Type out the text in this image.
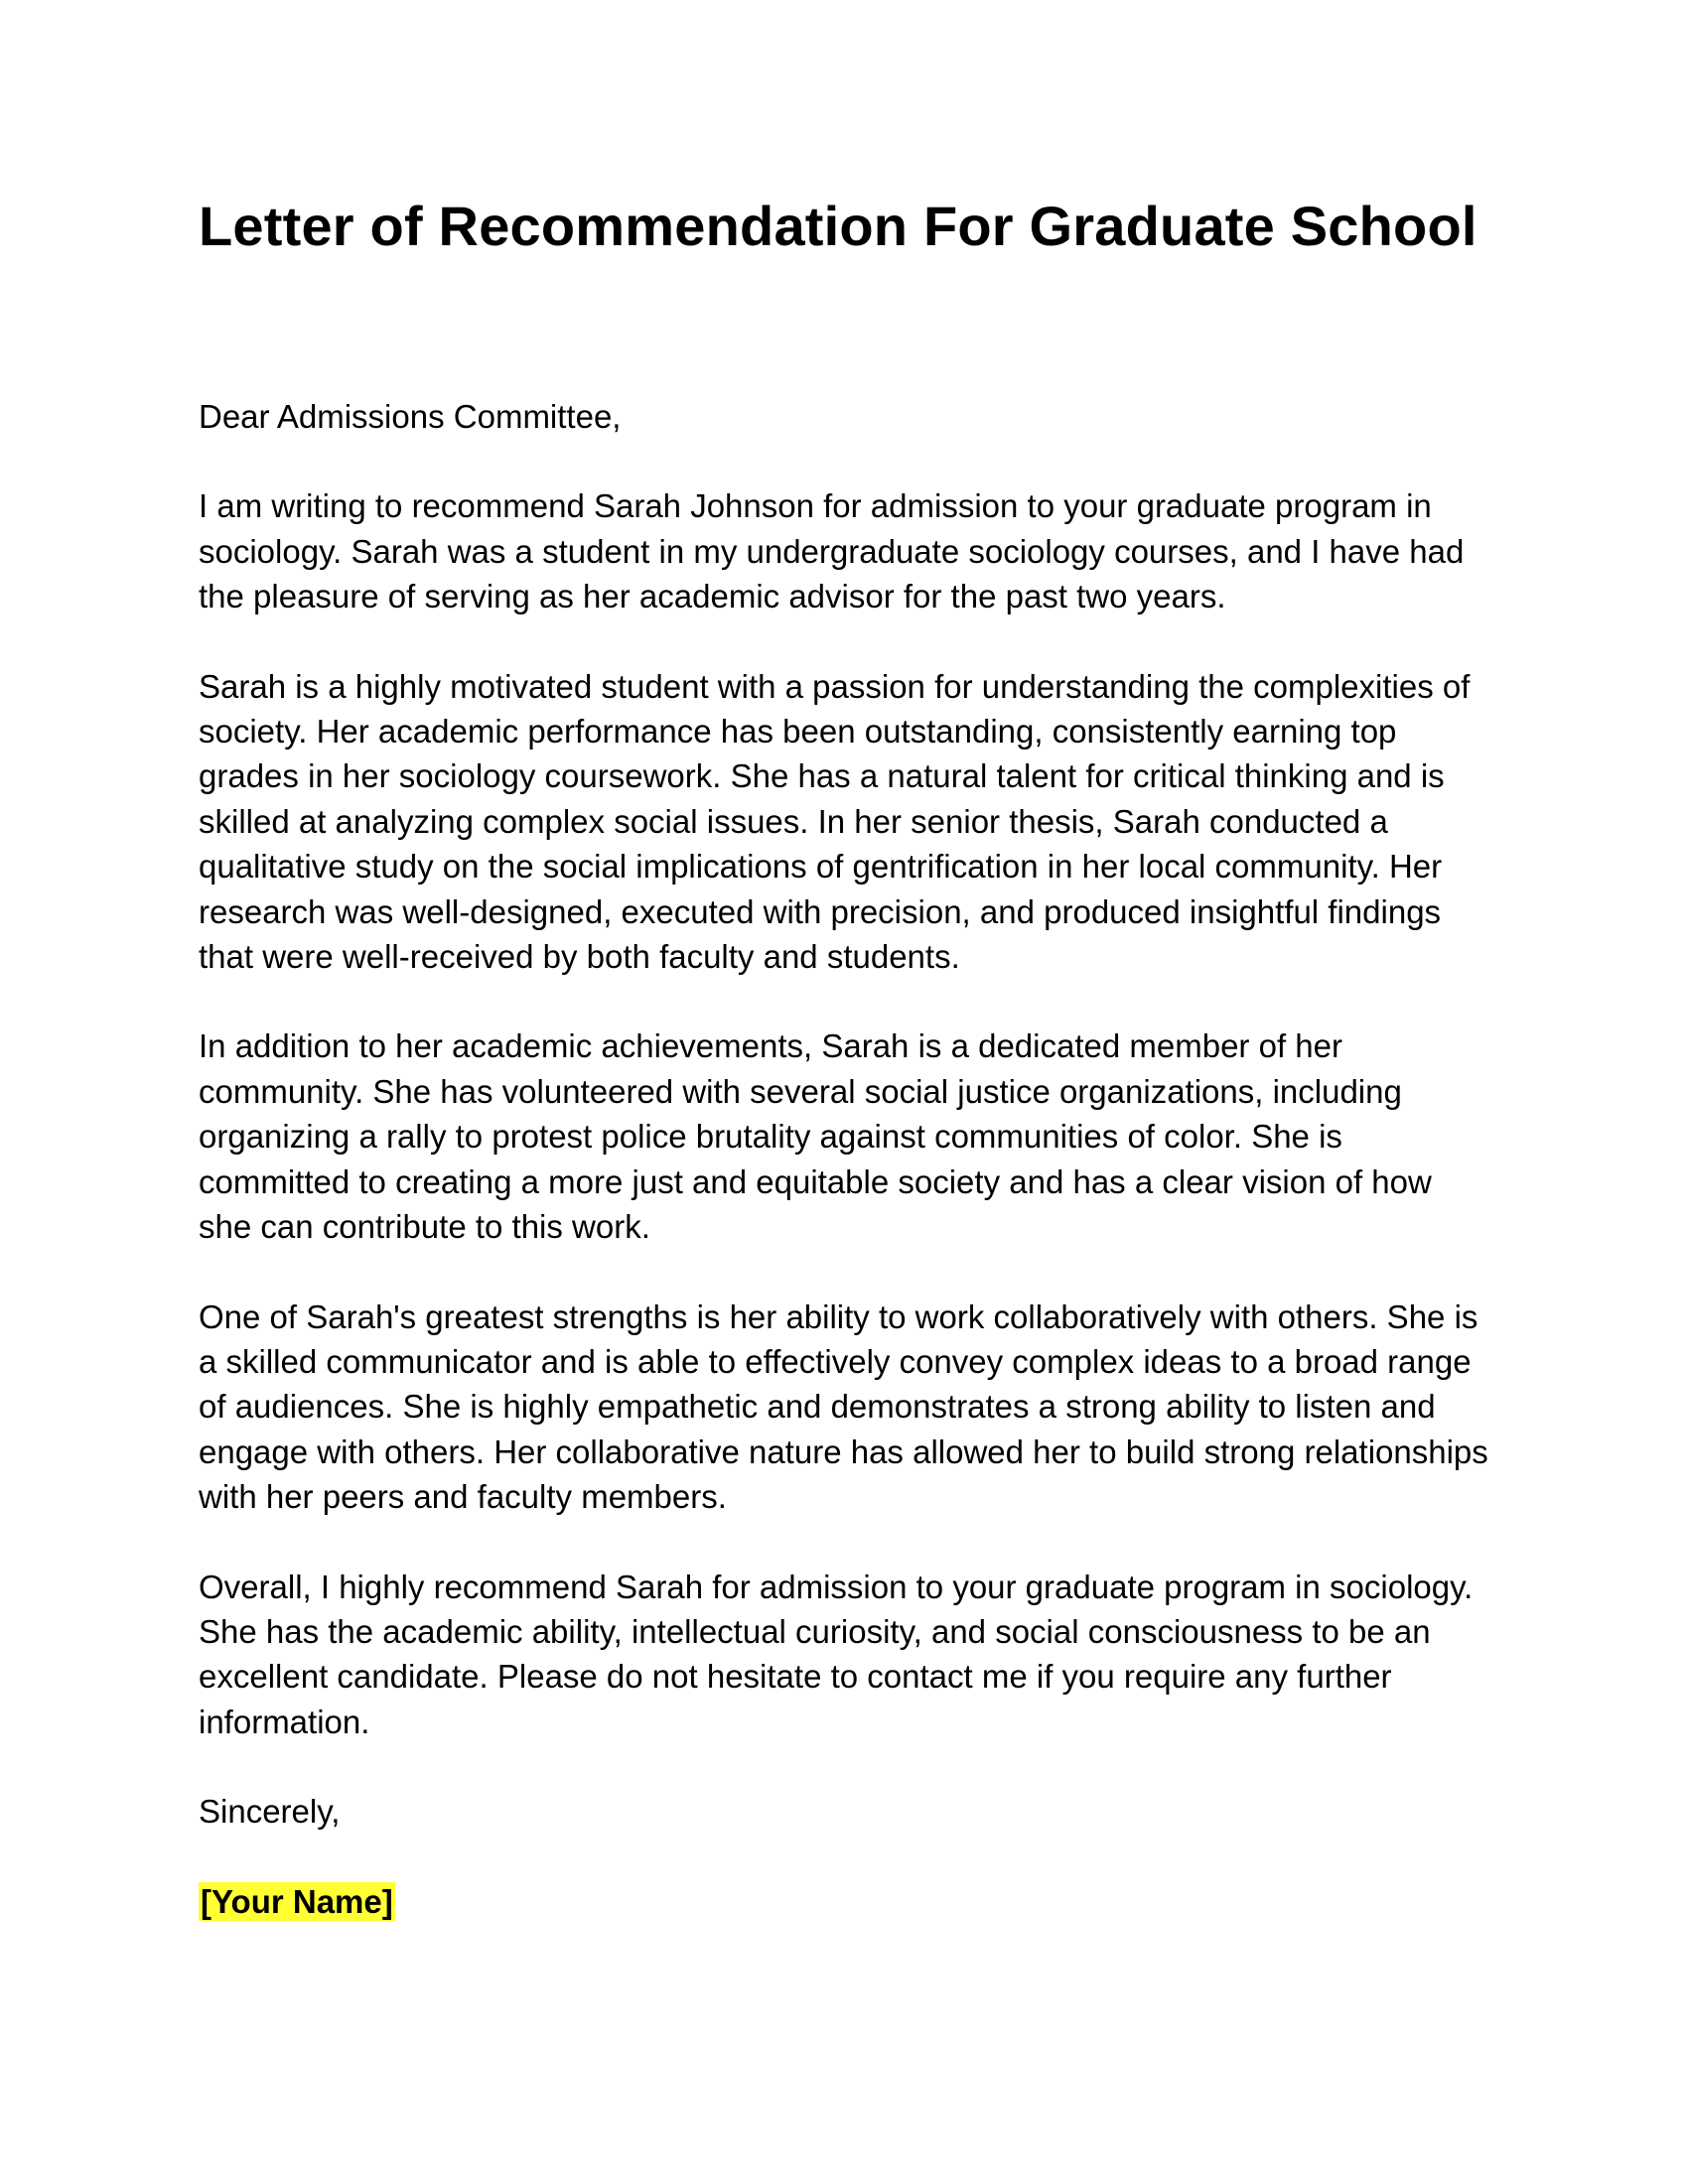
Letter of Recommendation For Graduate School
Dear Admissions Committee,

I am writing to recommend Sarah Johnson for admission to your graduate program in sociology. Sarah was a student in my undergraduate sociology courses, and I have had the pleasure of serving as her academic advisor for the past two years.

Sarah is a highly motivated student with a passion for understanding the complexities of society. Her academic performance has been outstanding, consistently earning top grades in her sociology coursework. She has a natural talent for critical thinking and is skilled at analyzing complex social issues. In her senior thesis, Sarah conducted a qualitative study on the social implications of gentrification in her local community. Her research was well-designed, executed with precision, and produced insightful findings that were well-received by both faculty and students.

In addition to her academic achievements, Sarah is a dedicated member of her community. She has volunteered with several social justice organizations, including organizing a rally to protest police brutality against communities of color. She is committed to creating a more just and equitable society and has a clear vision of how she can contribute to this work.

One of Sarah's greatest strengths is her ability to work collaboratively with others. She is a skilled communicator and is able to effectively convey complex ideas to a broad range of audiences. She is highly empathetic and demonstrates a strong ability to listen and engage with others. Her collaborative nature has allowed her to build strong relationships with her peers and faculty members.

Overall, I highly recommend Sarah for admission to your graduate program in sociology. She has the academic ability, intellectual curiosity, and social consciousness to be an excellent candidate. Please do not hesitate to contact me if you require any further information.

Sincerely,
[Your Name]
